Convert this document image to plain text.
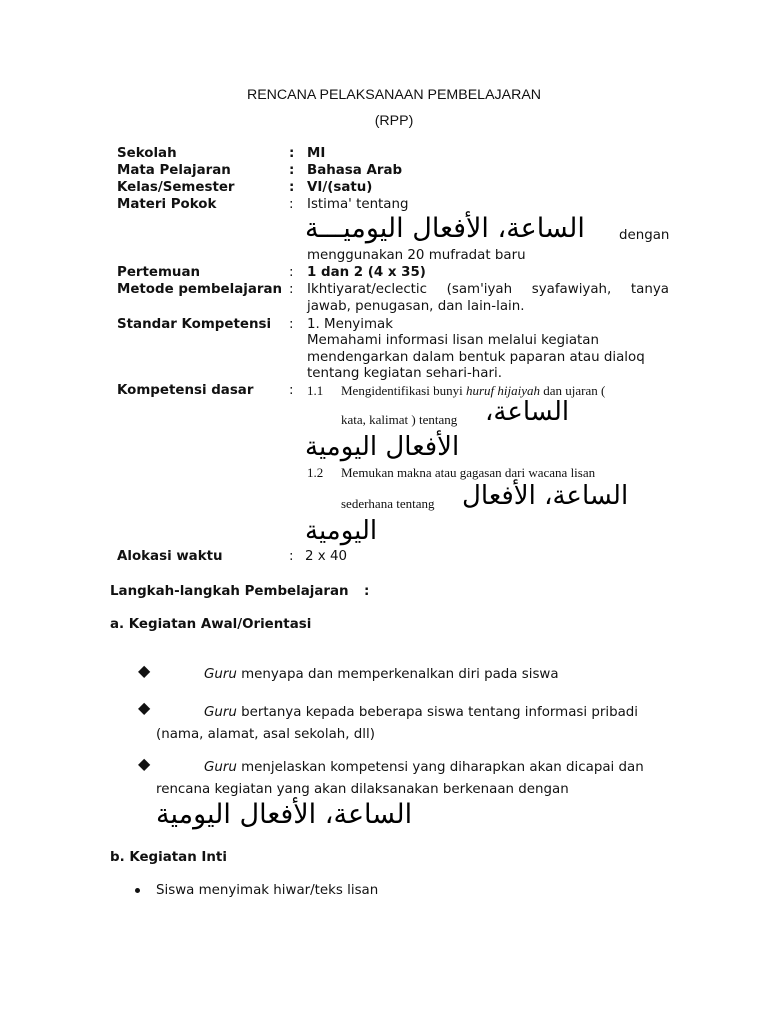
RENCANA PELAKSANAAN PEMBELAJARAN
(RPP)
Sekolah	: MI
Mata Pelajaran	: Bahasa Arab
Kelas/Semester	: VI/(satu)
Materi Pokok	: Istima' tentang
الساعة، الأفعال اليوميـــة	dengan
menggunakan 20 mufradat baru
Pertemuan	: 1 dan 2 (4 x 35)
Metode pembelajaran : Ikhtiyarat/eclectic (sam'iyah syafawiyah, tanya
jawab, penugasan, dan lain-lain.
Standar Kompetensi : 1. Menyimak
Memahami informasi lisan melalui kegiatan
mendengarkan dalam bentuk paparan atau dialoq
tentang kegiatan sehari-hari.
Kompetensi dasar	: 1.1 Mengidentifikasi bunyi huruf hijaiyah dan ujaran (
kata, kalimat ) tentang الساعة،
الأفعال اليومية
1.2 Memukan makna atau gagasan dari wacana lisan
sederhana tentang الساعة، الأفعال
اليومية
Alokasi waktu	: 2 x 40
Langkah-langkah Pembelajaran :
a. Kegiatan Awal/Orientasi
◆	Guru menyapa dan memperkenalkan diri pada siswa
◆	Guru bertanya kepada beberapa siswa tentang informasi pribadi
(nama, alamat, asal sekolah, dll)
◆	Guru menjelaskan kompetensi yang diharapkan akan dicapai dan
rencana kegiatan yang akan dilaksanakan berkenaan dengan
الساعة، الأفعال اليومية
b. Kegiatan Inti
Siswa menyimak hiwar/teks lisan
